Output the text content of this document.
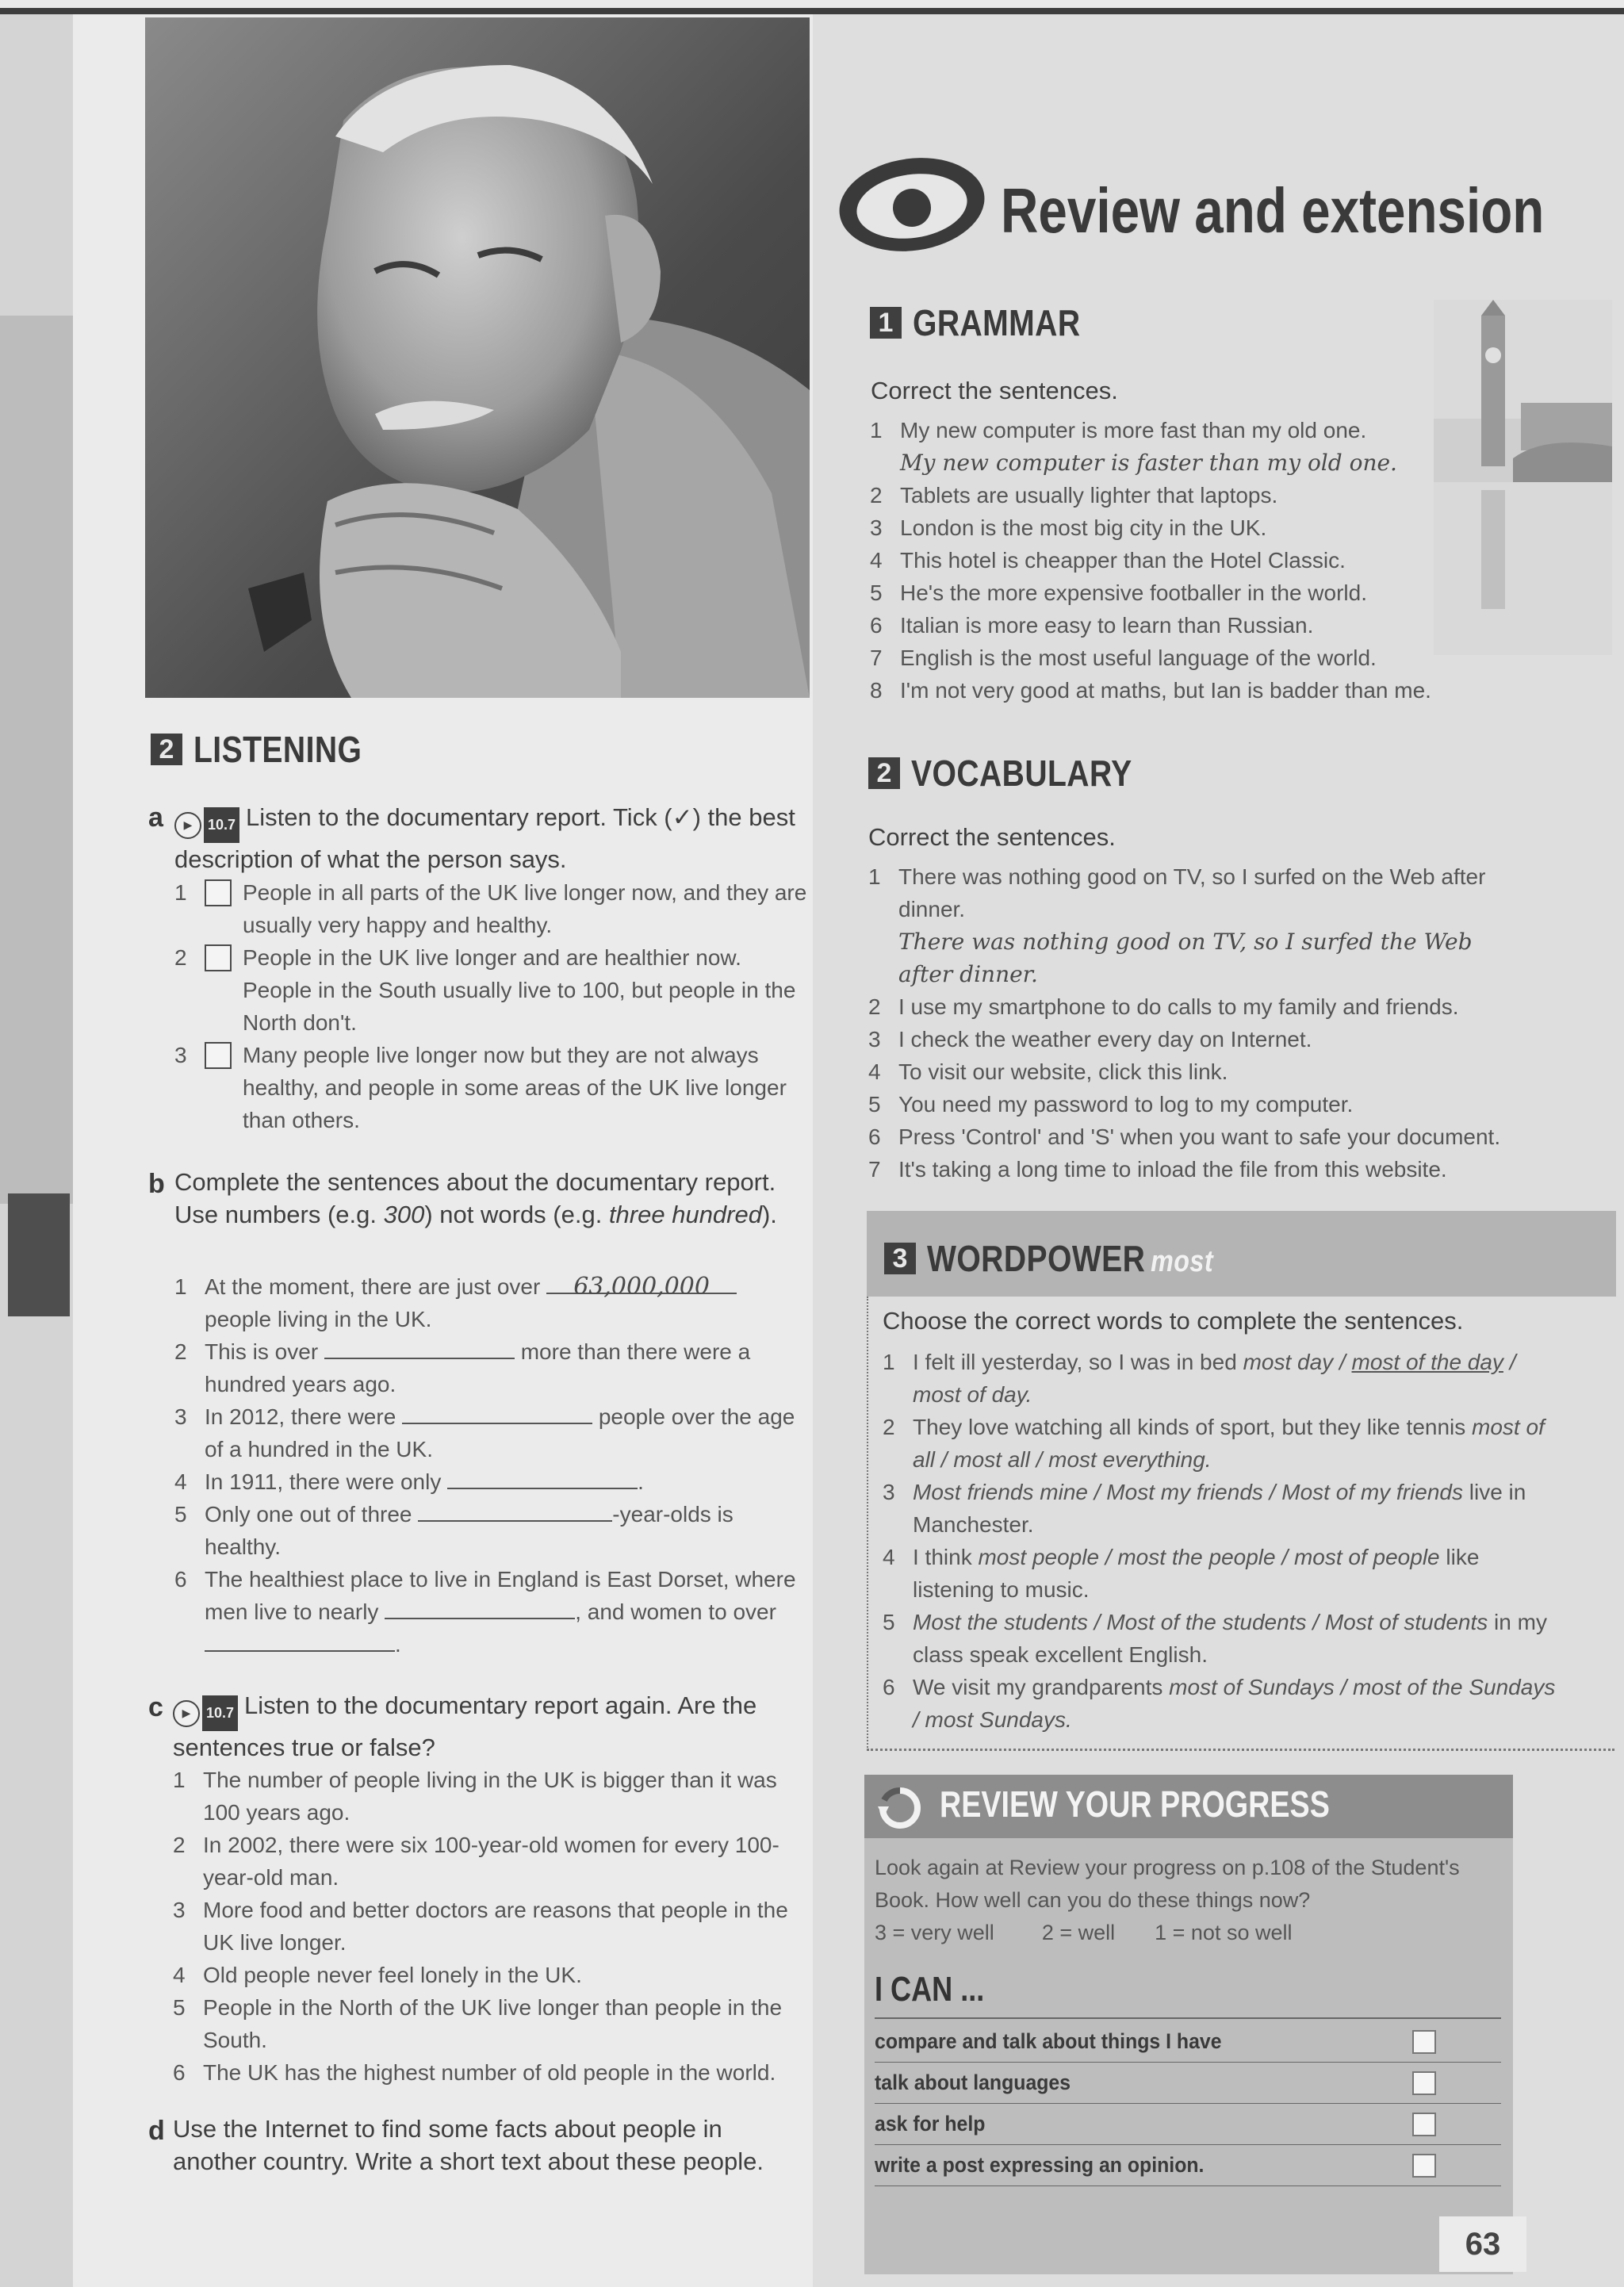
2 LISTENING
a	▶	10.7 Listen to the documentary report. Tick (✓) the best description of what the person says.
1	People in all parts of the UK live longer now, and they are usually very happy and healthy.
2	People in the UK live longer and are healthier now. People in the South usually live to 100, but people in the North don't.
3	Many people live longer now but they are not always healthy, and people in some areas of the UK live longer than others.
b Complete the sentences about the documentary report. Use numbers (e.g. 300) not words (e.g. three hundred).
1 At the moment, there are just over 63,000,000
people living in the UK.
2 This is over	more than there were a hundred years ago.
3 In 2012, there were	people over the age of a hundred in the UK.
4 In 1911, there were only	.
5 Only one out of three	-year-olds is healthy.
6 The healthiest place to live in England is East Dorset, where men live to nearly	, and women to over .
c	▶	10.7 Listen to the documentary report again. Are the sentences true or false?
1 The number of people living in the UK is bigger than it was 100 years ago.
2 In 2002, there were six 100-year-old women for every 100-year-old man.
3 More food and better doctors are reasons that people in the UK live longer.
4 Old people never feel lonely in the UK.
5 People in the North of the UK live longer than people in the South.
6 The UK has the highest number of old people in the world.
d Use the Internet to find some facts about people in another country. Write a short text about these people.
Review and extension
1 GRAMMAR
Correct the sentences.
1 My new computer is more fast than my old one.
My new computer is faster than my old one.
2 Tablets are usually lighter that laptops.
3 London is the most big city in the UK.
4 This hotel is cheapper than the Hotel Classic.
5 He's the more expensive footballer in the world.
6 Italian is more easy to learn than Russian.
7 English is the most useful language of the world.
8 I'm not very good at maths, but Ian is badder than me.
2 VOCABULARY
Correct the sentences.
1 There was nothing good on TV, so I surfed on the Web after dinner.
There was nothing good on TV, so I surfed the Web after dinner.
2 I use my smartphone to do calls to my family and friends.
3 I check the weather every day on Internet.
4 To visit our website, click this link.
5 You need my password to log to my computer.
6 Press 'Control' and 'S' when you want to safe your document.
7 It's taking a long time to inload the file from this website.
3 WORDPOWER most
Choose the correct words to complete the sentences.
1 I felt ill yesterday, so I was in bed most day / most of the day / most of day.
2 They love watching all kinds of sport, but they like tennis most of all / most all / most everything.
3 Most friends mine / Most my friends / Most of my friends live in Manchester.
4 I think most people / most the people / most of people like listening to music.
5 Most the students / Most of the students / Most of students in my class speak excellent English.
6 We visit my grandparents most of Sundays / most of the Sundays / most Sundays.
REVIEW YOUR PROGRESS
Look again at Review your progress on p.108 of the Student's Book. How well can you do these things now?
3 = very well 2 = well 1 = not so well
I CAN ...
compare and talk about things I have
talk about languages
ask for help
write a post expressing an opinion.
63
